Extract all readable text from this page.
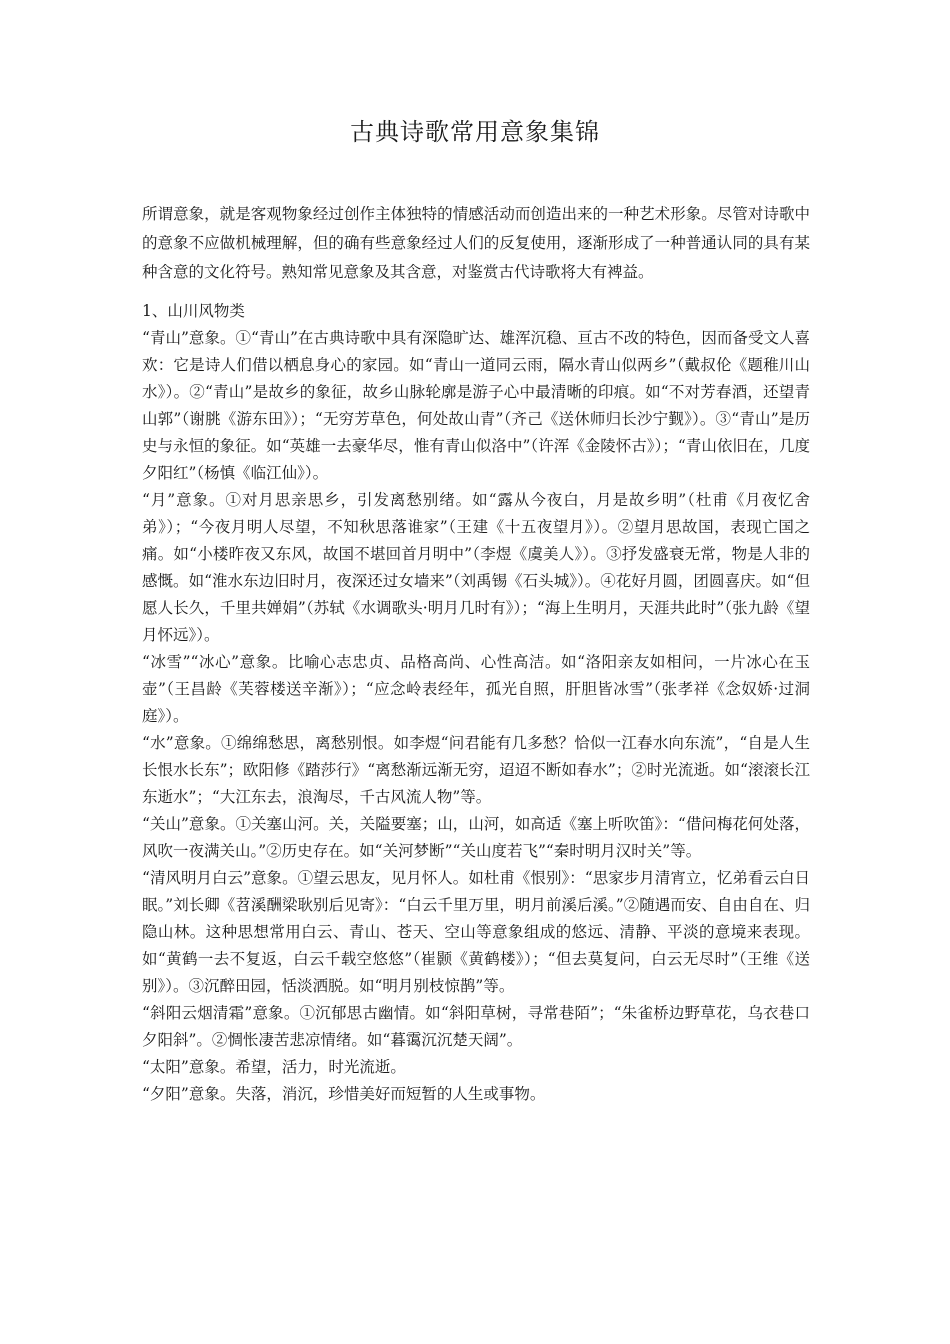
古典诗歌常用意象集锦

所谓意象，就是客观物象经过创作主体独特的情感活动而创造出来的一种艺术形象。尽管对诗歌中的意象不应做机械理解，但的确有些意象经过人们的反复使用，逐渐形成了一种普通认同的具有某种含意的文化符号。熟知常见意象及其含意，对鉴赏古代诗歌将大有裨益。

1、山川风物类

“青山”意象。①“青山”在古典诗歌中具有深隐旷达、雄浑沉稳、亘古不改的特色，因而备受文人喜欢：它是诗人们借以栖息身心的家园。如“青山一道同云雨，隔水青山似两乡”（戴叔伦《题稚川山水》）。②“青山”是故乡的象征，故乡山脉轮廓是游子心中最清晰的印痕。如“不对芳春酒，还望青山郭”（谢朓《游东田》）；“无穷芳草色，何处故山青”（齐己《送休师归长沙宁觐》）。③“青山”是历史与永恒的象征。如“英雄一去豪华尽，惟有青山似洛中”（许浑《金陵怀古》）；“青山依旧在，几度夕阳红”（杨慎《临江仙》）。

“月”意象。①对月思亲思乡，引发离愁别绪。如“露从今夜白，月是故乡明”（杜甫《月夜忆舍弟》）；“今夜月明人尽望，不知秋思落谁家”（王建《十五夜望月》）。②望月思故国，表现亡国之痛。如“小楼昨夜又东风，故国不堪回首月明中”（李煜《虞美人》）。③抒发盛衰无常，物是人非的感慨。如“淮水东边旧时月，夜深还过女墙来”（刘禹锡《石头城》）。④花好月圆，团圆喜庆。如“但愿人长久，千里共婵娟”（苏轼《水调歌头·明月几时有》）；“海上生明月，天涯共此时”（张九龄《望月怀远》）。

“冰雪”“冰心”意象。比喻心志忠贞、品格高尚、心性高洁。如“洛阳亲友如相问，一片冰心在玉壶”（王昌龄《芙蓉楼送辛渐》）；“应念岭表经年，孤光自照，肝胆皆冰雪”（张孝祥《念奴娇·过洞庭》）。

“水”意象。①绵绵愁思，离愁别恨。如李煜“问君能有几多愁？恰似一江春水向东流”，“自是人生长恨水长东”；欧阳修《踏莎行》“离愁渐远渐无穷，迢迢不断如春水”；②时光流逝。如“滚滚长江东逝水”；“大江东去，浪淘尽，千古风流人物”等。

“关山”意象。①关塞山河。关，关隘要塞；山，山河，如高适《塞上听吹笛》：“借问梅花何处落，风吹一夜满关山。”②历史存在。如“关河梦断”“关山度若飞”“秦时明月汉时关”等。

“清风明月白云”意象。①望云思友，见月怀人。如杜甫《恨别》：“思家步月清宵立，忆弟看云白日眠。”刘长卿《苕溪酬梁耿别后见寄》：“白云千里万里，明月前溪后溪。”②随遇而安、自由自在、归隐山林。这种思想常用白云、青山、苍天、空山等意象组成的悠远、清静、平淡的意境来表现。如“黄鹤一去不复返，白云千载空悠悠”（崔颢《黄鹤楼》）；“但去莫复问，白云无尽时”（王维《送别》）。③沉醉田园，恬淡洒脱。如“明月别枝惊鹊”等。

“斜阳云烟清霜”意象。①沉郁思古幽情。如“斜阳草树，寻常巷陌”；“朱雀桥边野草花，乌衣巷口夕阳斜”。②惆怅凄苦悲凉情绪。如“暮霭沉沉楚天阔”。

“太阳”意象。希望，活力，时光流逝。

“夕阳”意象。失落，消沉，珍惜美好而短暂的人生或事物。
